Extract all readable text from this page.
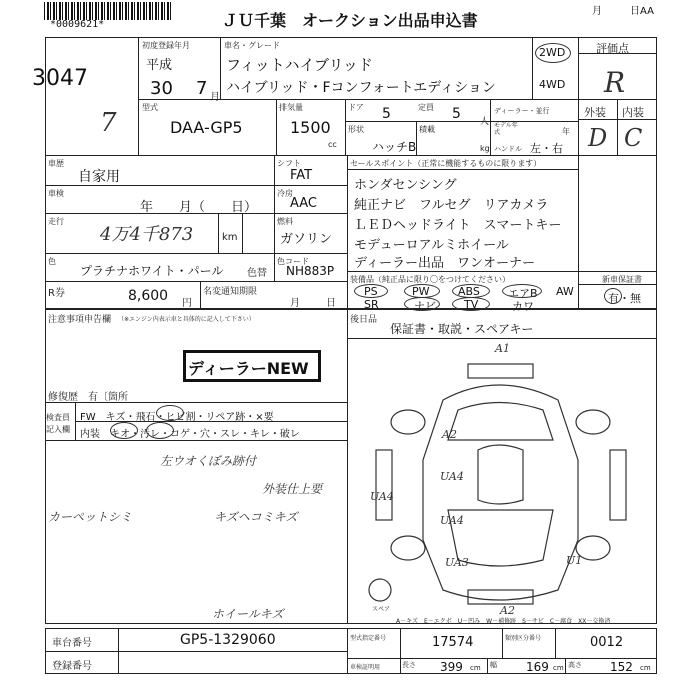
*0009621*	ＪＵ千葉　オークション出品申込書	月	日AA
3047
7
初度登録年月
平成
30 7 月
車名・グレード
フィットハイブリッド
ハイブリッド・Fコンフォートエディション
2WD
4WD
評価点
R
外装 内装
D C
型式
DAA-GP5
排気量
1500
cc
ドア 5	定員 5 人
ディーラー・並行
モデル年式	年
形状
ハッチB
積載
kg ハンドル 左・右
車歴
自家用
シフト
FAT
車検
年　　月（　　日）
冷房
AAC
走行
4万4千873	km
燃料
ガソリン
色
プラチナホワイト・パール 色替
色コード
NH883P
R券	8,600 円
名変通知期限
月	日
セールスポイント（正常に機能するものに限ります）
ホンダセンシング
純正ナビ　フルセグ　リアカメラ
ＬＥＤヘッドライト　スマートキー
モデューロアルミホイール
ディーラー出品　ワンオーナー
装備品（純正品に限り〇をつけてください）	新車保証書
PS	PW	ABS	エアB AW
SR	ナビ	TV	カワ
有・無
注意事項申告欄 （※エンジン内表示車と具体的に記入して下さい）
ディーラーNEW
修復歴　有〔箇所
検査員
記入欄
FW　キズ・飛石・ヒビ割・リペア跡・×要
内装　キオ・汚レ・コゲ・穴・スレ・キレ・破レ
左ウオくぼみ跡付
外装仕上要
カーペットシミ	キズヘコミキズ
ホイールキズ
後日品
保証書・取説・スペアキー
A1
A2
UA4
UA4
UA4
UA3	U1
A2
スペア
A－キズ　E－エクボ　U－凹み　W－補修跡　S－サビ　C－腐食　XX－交換済
車台番号	GP5-1329060
登録番号
型式指定番号	17574	類別区分番号	0012
車検証明用	長さ 399 cm 幅 169 cm 高さ 152 cm
